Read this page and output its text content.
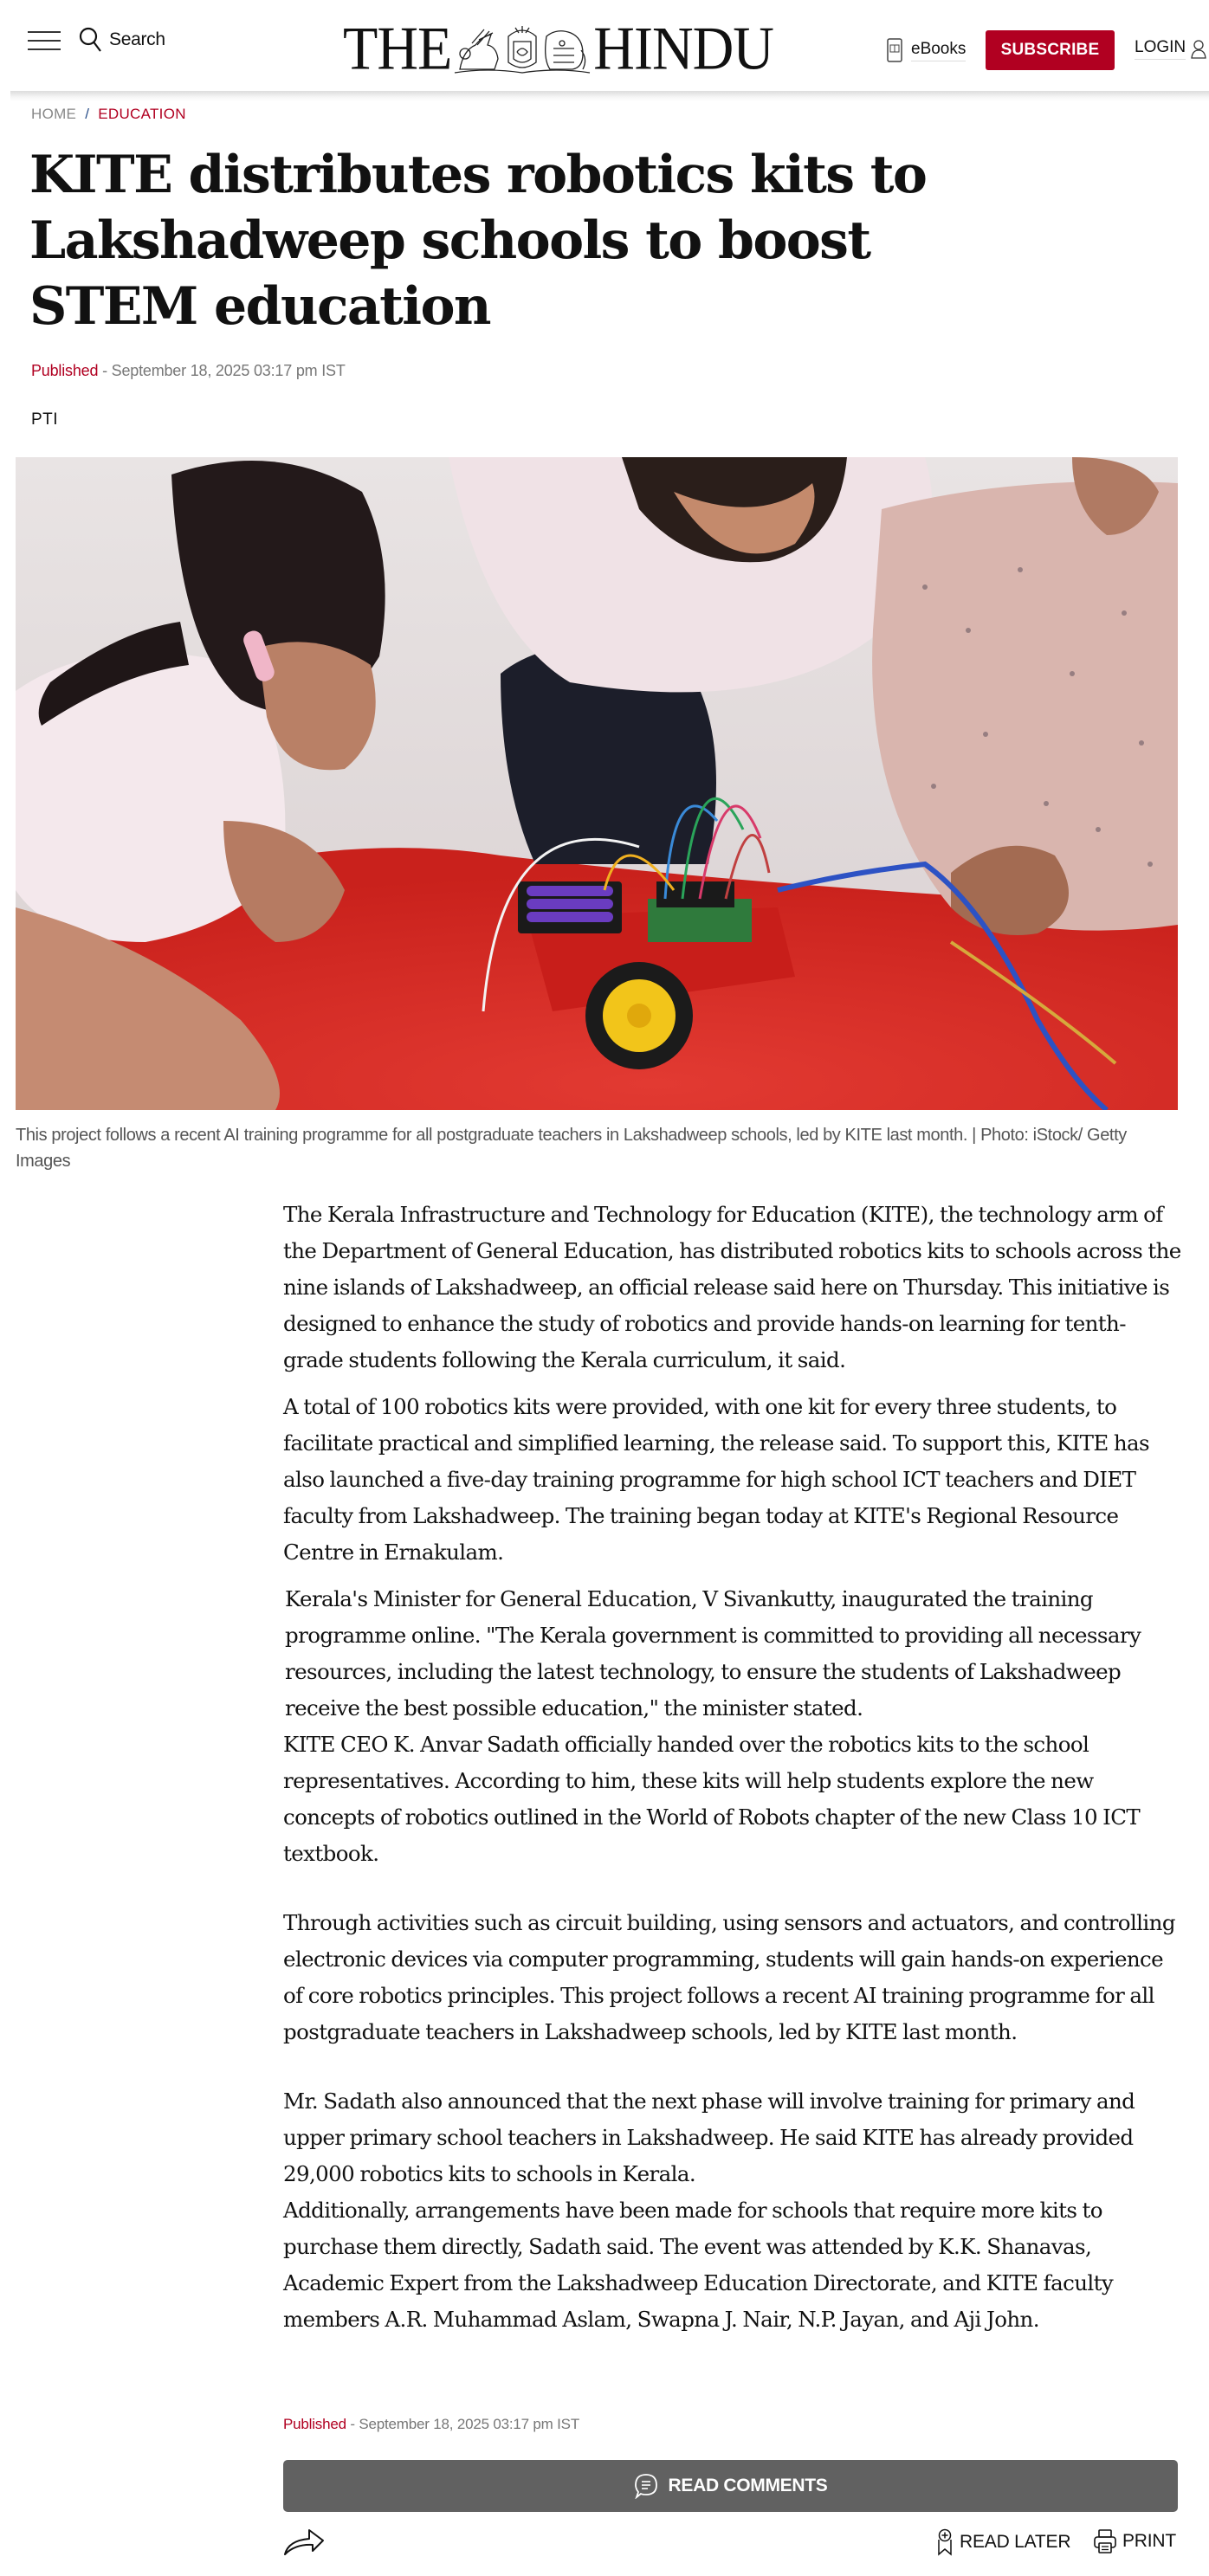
Search	THE HINDU	eBooks	SUBSCRIBE	LOGIN
HOME / EDUCATION
KITE distributes robotics kits to Lakshadweep schools to boost STEM education
Published - September 18, 2025 03:17 pm IST
PTI

This project follows a recent AI training programme for all postgraduate teachers in Lakshadweep schools, led by KITE last month. | Photo: iStock/ Getty Images

The Kerala Infrastructure and Technology for Education (KITE), the technology arm of the Department of General Education, has distributed robotics kits to schools across the nine islands of Lakshadweep, an official release said here on Thursday. This initiative is designed to enhance the study of robotics and provide hands-on learning for tenth-grade students following the Kerala curriculum, it said.

A total of 100 robotics kits were provided, with one kit for every three students, to facilitate practical and simplified learning, the release said. To support this, KITE has also launched a five-day training programme for high school ICT teachers and DIET faculty from Lakshadweep. The training began today at KITE's Regional Resource Centre in Ernakulam.

Kerala's Minister for General Education, V Sivankutty, inaugurated the training programme online. "The Kerala government is committed to providing all necessary resources, including the latest technology, to ensure the students of Lakshadweep receive the best possible education," the minister stated.

KITE CEO K. Anvar Sadath officially handed over the robotics kits to the school representatives. According to him, these kits will help students explore the new concepts of robotics outlined in the World of Robots chapter of the new Class 10 ICT textbook.

Through activities such as circuit building, using sensors and actuators, and controlling electronic devices via computer programming, students will gain hands-on experience of core robotics principles. This project follows a recent AI training programme for all postgraduate teachers in Lakshadweep schools, led by KITE last month.

Mr. Sadath also announced that the next phase will involve training for primary and upper primary school teachers in Lakshadweep. He said KITE has already provided 29,000 robotics kits to schools in Kerala.

Additionally, arrangements have been made for schools that require more kits to purchase them directly, Sadath said. The event was attended by K.K. Shanavas, Academic Expert from the Lakshadweep Education Directorate, and KITE faculty members A.R. Muhammad Aslam, Swapna J. Nair, N.P. Jayan, and Aji John.

Published - September 18, 2025 03:17 pm IST
READ COMMENTS
READ LATER	PRINT
